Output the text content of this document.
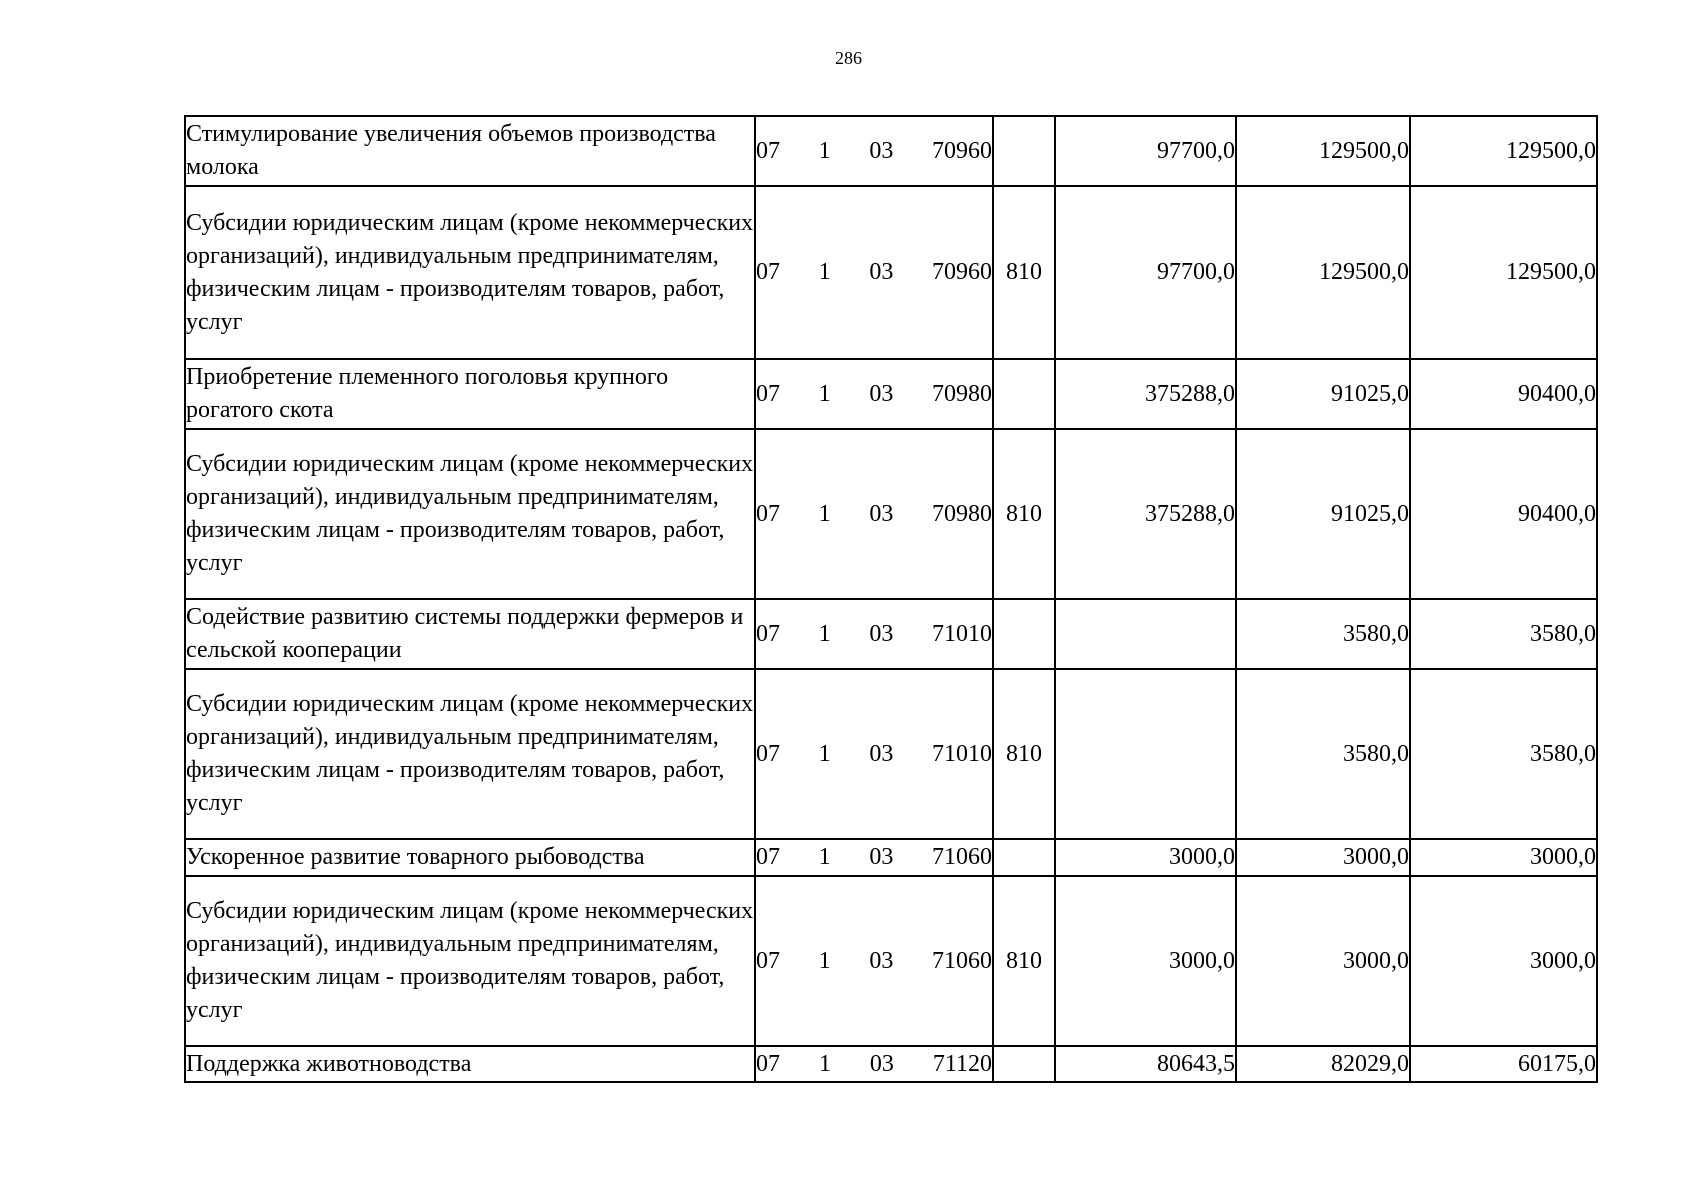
286
Стимулирование увеличения объемов производства молока	07 1 03 70960		97700,0	129500,0	129500,0
Субсидии юридическим лицам (кроме некоммерческих организаций), индивидуальным предпринимателям, физическим лицам - производителям товаров, работ, услуг	07 1 03 70960	810	97700,0	129500,0	129500,0
Приобретение племенного поголовья крупного рогатого скота	07 1 03 70980		375288,0	91025,0	90400,0
Субсидии юридическим лицам (кроме некоммерческих организаций), индивидуальным предпринимателям, физическим лицам - производителям товаров, работ, услуг	07 1 03 70980	810	375288,0	91025,0	90400,0
Содействие развитию системы поддержки фермеров и сельской кооперации	07 1 03 71010			3580,0	3580,0
Субсидии юридическим лицам (кроме некоммерческих организаций), индивидуальным предпринимателям, физическим лицам - производителям товаров, работ, услуг	07 1 03 71010	810		3580,0	3580,0
Ускоренное развитие товарного рыбоводства	07 1 03 71060		3000,0	3000,0	3000,0
Субсидии юридическим лицам (кроме некоммерческих организаций), индивидуальным предпринимателям, физическим лицам - производителям товаров, работ, услуг	07 1 03 71060	810	3000,0	3000,0	3000,0
Поддержка животноводства	07 1 03 71120		80643,5	82029,0	60175,0
